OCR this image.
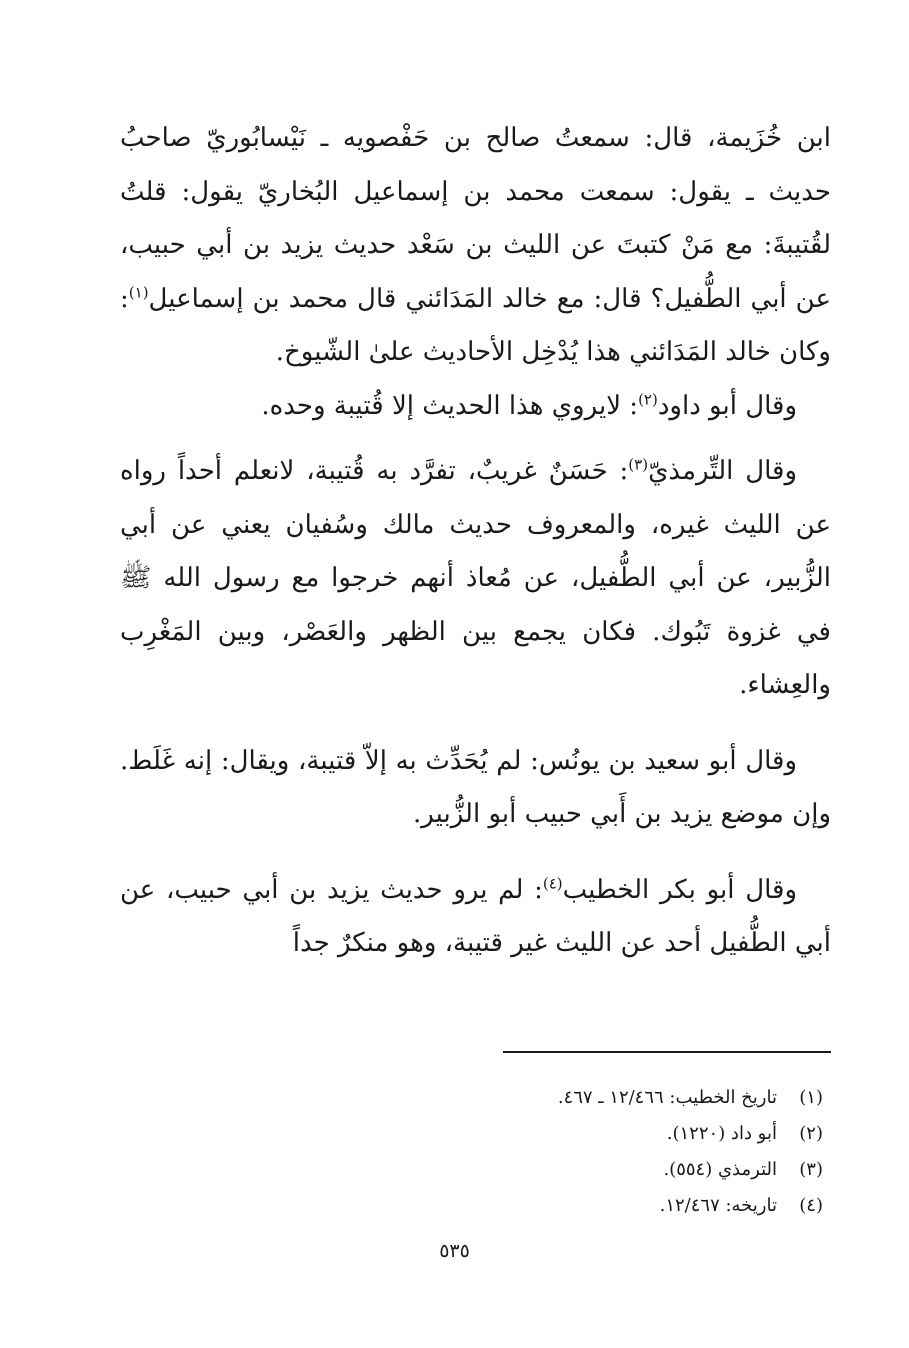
ابن خُزَيمة، قال: سمعتُ صالح بن حَفْصويه ـ نَيْسابُوريّ صاحبُ حديث ـ يقول: سمعت محمد بن إسماعيل البُخاريّ يقول: قلتُ لقُتيبةَ: مع مَنْ كتبتَ عن الليث بن سَعْد حديث يزيد بن أبي حبيب، عن أبي الطُّفيل؟ قال: مع خالد المَدَائني قال محمد بن إسماعيل$^{(١)}$: وكان خالد المَدَائني هذا يُدْخِل الأحاديث علىٰ الشّيوخ.

وقال أبو داود$^{(٢)}$: لايروي هذا الحديث إلا قُتيبة وحده.

وقال التِّرمذيّ$^{(٣)}$: حَسَنٌ غريبٌ، تفرَّد به قُتيبة، لانعلم أحداً رواه عن الليث غيره، والمعروف حديث مالك وسُفيان يعني عن أبي الزُّبير، عن أبي الطُّفيل، عن مُعاذ أنهم خرجوا مع رسول الله ﷺ في غزوة تَبُوك. فكان يجمع بين الظهر والعَصْر، وبين المَغْرِب والعِشاء.

وقال أبو سعيد بن يونُس: لم يُحَدِّث به إلاّ قتيبة، ويقال: إنه غَلَط. وإن موضع يزيد بن أَبي حبيب أبو الزُّبير.

وقال أبو بكر الخطيب$^{(٤)}$: لم يرو حديث يزيد بن أبي حبيب، عن أبي الطُّفيل أحد عن الليث غير قتيبة، وهو منكرٌ جداً

(١)
تاريخ الخطيب: ١٢/٤٦٦ ـ ٤٦٧.
(٢)
أبو داد (١٢٢٠).
(٣)
الترمذي (٥٥٤).
(٤)
تاريخه: ١٢/٤٦٧.
٥٣٥
